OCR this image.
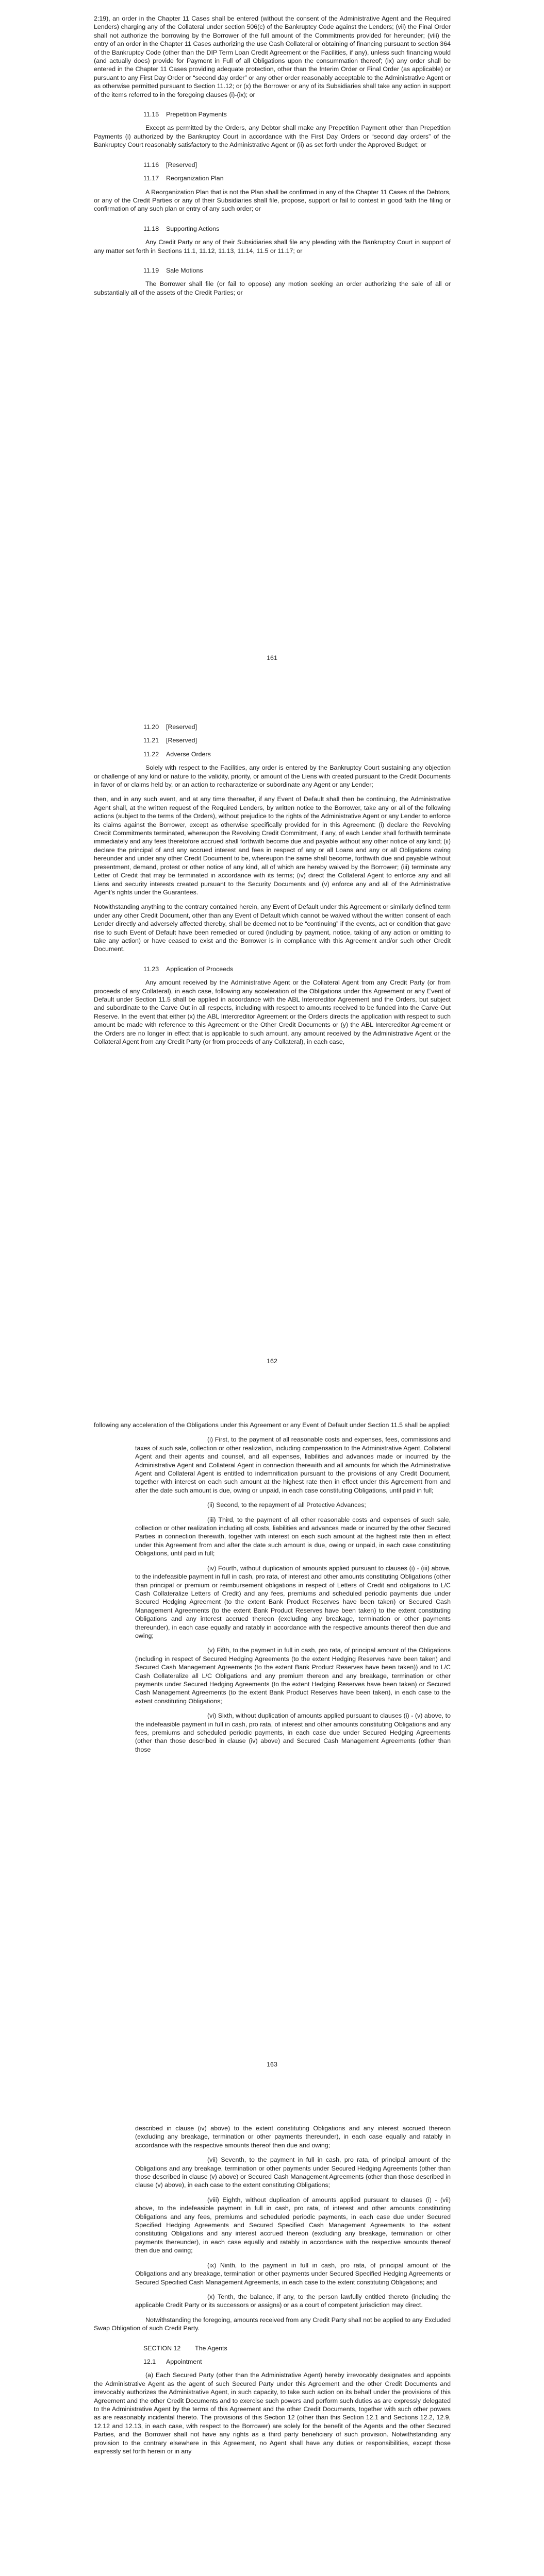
2:19), an order in the Chapter 11 Cases shall be entered (without the consent of the Administrative Agent and the Required Lenders) charging any of the Collateral under section 506(c) of the Bankruptcy Code against the Lenders; (vii) the Final Order shall not authorize the borrowing by the Borrower of the full amount of the Commitments provided for hereunder; (viii) the entry of an order in the Chapter 11 Cases authorizing the use Cash Collateral or obtaining of financing pursuant to section 364 of the Bankruptcy Code (other than the DIP Term Loan Credit Agreement or the Facilities, if any), unless such financing would (and actually does) provide for Payment in Full of all Obligations upon the consummation thereof; (ix) any order shall be entered in the Chapter 11 Cases providing adequate protection, other than the Interim Order or Final Order (as applicable) or pursuant to any First Day Order or “second day order” or any other order reasonably acceptable to the Administrative Agent or as otherwise permitted pursuant to Section 11.12; or (x) the Borrower or any of its Subsidiaries shall take any action in support of the items referred to in the foregoing clauses (i)-(ix); or

11.15 Prepetition Payments

Except as permitted by the Orders, any Debtor shall make any Prepetition Payment other than Prepetition Payments (i) authorized by the Bankruptcy Court in accordance with the First Day Orders or “second day orders” of the Bankruptcy Court reasonably satisfactory to the Administrative Agent or (ii) as set forth under the Approved Budget; or

11.16 [Reserved]
11.17 Reorganization Plan

A Reorganization Plan that is not the Plan shall be confirmed in any of the Chapter 11 Cases of the Debtors, or any of the Credit Parties or any of their Subsidiaries shall file, propose, support or fail to contest in good faith the filing or confirmation of any such plan or entry of any such order; or

11.18 Supporting Actions

Any Credit Party or any of their Subsidiaries shall file any pleading with the Bankruptcy Court in support of any matter set forth in Sections 11.1, 11.12, 11.13, 11.14, 11.5 or 11.17; or

11.19 Sale Motions

The Borrower shall file (or fail to oppose) any motion seeking an order authorizing the sale of all or substantially all of the assets of the Credit Parties; or

161
11.20 [Reserved]
11.21 [Reserved]
11.22 Adverse Orders

Solely with respect to the Facilities, any order is entered by the Bankruptcy Court sustaining any objection or challenge of any kind or nature to the validity, priority, or amount of the Liens with created pursuant to the Credit Documents in favor of or claims held by, or an action to recharacterize or subordinate any Agent or any Lender;

then, and in any such event, and at any time thereafter, if any Event of Default shall then be continuing, the Administrative Agent shall, at the written request of the Required Lenders, by written notice to the Borrower, take any or all of the following actions (subject to the terms of the Orders), without prejudice to the rights of the Administrative Agent or any Lender to enforce its claims against the Borrower, except as otherwise specifically provided for in this Agreement: (i) declare the Revolving Credit Commitments terminated, whereupon the Revolving Credit Commitment, if any, of each Lender shall forthwith terminate immediately and any fees theretofore accrued shall forthwith become due and payable without any other notice of any kind; (ii) declare the principal of and any accrued interest and fees in respect of any or all Loans and any or all Obligations owing hereunder and under any other Credit Document to be, whereupon the same shall become, forthwith due and payable without presentment, demand, protest or other notice of any kind, all of which are hereby waived by the Borrower; (iii) terminate any Letter of Credit that may be terminated in accordance with its terms; (iv) direct the Collateral Agent to enforce any and all Liens and security interests created pursuant to the Security Documents and (v) enforce any and all of the Administrative Agent’s rights under the Guarantees.

Notwithstanding anything to the contrary contained herein, any Event of Default under this Agreement or similarly defined term under any other Credit Document, other than any Event of Default which cannot be waived without the written consent of each Lender directly and adversely affected thereby, shall be deemed not to be “continuing” if the events, act or condition that gave rise to such Event of Default have been remedied or cured (including by payment, notice, taking of any action or omitting to take any action) or have ceased to exist and the Borrower is in compliance with this Agreement and/or such other Credit Document.

11.23 Application of Proceeds

Any amount received by the Administrative Agent or the Collateral Agent from any Credit Party (or from proceeds of any Collateral), in each case, following any acceleration of the Obligations under this Agreement or any Event of Default under Section 11.5 shall be applied in accordance with the ABL Intercreditor Agreement and the Orders, but subject and subordinate to the Carve Out in all respects, including with respect to amounts received to be funded into the Carve Out Reserve. In the event that either (x) the ABL Intercreditor Agreement or the Orders directs the application with respect to such amount be made with reference to this Agreement or the Other Credit Documents or (y) the ABL Intercreditor Agreement or the Orders are no longer in effect that is applicable to such amount, any amount received by the Administrative Agent or the Collateral Agent from any Credit Party (or from proceeds of any Collateral), in each case,

162

following any acceleration of the Obligations under this Agreement or any Event of Default under Section 11.5 shall be applied:

(i) First, to the payment of all reasonable costs and expenses, fees, commissions and taxes of such sale, collection or other realization, including compensation to the Administrative Agent, Collateral Agent and their agents and counsel, and all expenses, liabilities and advances made or incurred by the Administrative Agent and Collateral Agent in connection therewith and all amounts for which the Administrative Agent and Collateral Agent is entitled to indemnification pursuant to the provisions of any Credit Document, together with interest on each such amount at the highest rate then in effect under this Agreement from and after the date such amount is due, owing or unpaid, in each case constituting Obligations, until paid in full;

(ii) Second, to the repayment of all Protective Advances;

(iii) Third, to the payment of all other reasonable costs and expenses of such sale, collection or other realization including all costs, liabilities and advances made or incurred by the other Secured Parties in connection therewith, together with interest on each such amount at the highest rate then in effect under this Agreement from and after the date such amount is due, owing or unpaid, in each case constituting Obligations, until paid in full;

(iv) Fourth, without duplication of amounts applied pursuant to clauses (i) - (iii) above, to the indefeasible payment in full in cash, pro rata, of interest and other amounts constituting Obligations (other than principal or premium or reimbursement obligations in respect of Letters of Credit and obligations to L/C Cash Collateralize Letters of Credit) and any fees, premiums and scheduled periodic payments due under Secured Hedging Agreement (to the extent Bank Product Reserves have been taken) or Secured Cash Management Agreements (to the extent Bank Product Reserves have been taken) to the extent constituting Obligations and any interest accrued thereon (excluding any breakage, termination or other payments thereunder), in each case equally and ratably in accordance with the respective amounts thereof then due and owing;

(v) Fifth, to the payment in full in cash, pro rata, of principal amount of the Obligations (including in respect of Secured Hedging Agreements (to the extent Hedging Reserves have been taken) and Secured Cash Management Agreements (to the extent Bank Product Reserves have been taken)) and to L/C Cash Collateralize all L/C Obligations and any premium thereon and any breakage, termination or other payments under Secured Hedging Agreements (to the extent Hedging Reserves have been taken) or Secured Cash Management Agreements (to the extent Bank Product Reserves have been taken), in each case to the extent constituting Obligations;

(vi) Sixth, without duplication of amounts applied pursuant to clauses (i) - (v) above, to the indefeasible payment in full in cash, pro rata, of interest and other amounts constituting Obligations and any fees, premiums and scheduled periodic payments, in each case due under Secured Hedging Agreements (other than those described in clause (iv) above) and Secured Cash Management Agreements (other than those

163

described in clause (iv) above) to the extent constituting Obligations and any interest accrued thereon (excluding any breakage, termination or other payments thereunder), in each case equally and ratably in accordance with the respective amounts thereof then due and owing;

(vii) Seventh, to the payment in full in cash, pro rata, of principal amount of the Obligations and any breakage, termination or other payments under Secured Hedging Agreements (other than those described in clause (v) above) or Secured Cash Management Agreements (other than those described in clause (v) above), in each case to the extent constituting Obligations;

(viii) Eighth, without duplication of amounts applied pursuant to clauses (i) - (vii) above, to the indefeasible payment in full in cash, pro rata, of interest and other amounts constituting Obligations and any fees, premiums and scheduled periodic payments, in each case due under Secured Specified Hedging Agreements and Secured Specified Cash Management Agreements to the extent constituting Obligations and any interest accrued thereon (excluding any breakage, termination or other payments thereunder), in each case equally and ratably in accordance with the respective amounts thereof then due and owing;

(ix) Ninth, to the payment in full in cash, pro rata, of principal amount of the Obligations and any breakage, termination or other payments under Secured Specified Hedging Agreements or Secured Specified Cash Management Agreements, in each case to the extent constituting Obligations; and

(x) Tenth, the balance, if any, to the person lawfully entitled thereto (including the applicable Credit Party or its successors or assigns) or as a court of competent jurisdiction may direct.

Notwithstanding the foregoing, amounts received from any Credit Party shall not be applied to any Excluded Swap Obligation of such Credit Party.

SECTION 12 The Agents
12.1 Appointment

(a) Each Secured Party (other than the Administrative Agent) hereby irrevocably designates and appoints the Administrative Agent as the agent of such Secured Party under this Agreement and the other Credit Documents and irrevocably authorizes the Administrative Agent, in such capacity, to take such action on its behalf under the provisions of this Agreement and the other Credit Documents and to exercise such powers and perform such duties as are expressly delegated to the Administrative Agent by the terms of this Agreement and the other Credit Documents, together with such other powers as are reasonably incidental thereto. The provisions of this Section 12 (other than this Section 12.1 and Sections 12.2, 12.9, 12.12 and 12.13, in each case, with respect to the Borrower) are solely for the benefit of the Agents and the other Secured Parties, and the Borrower shall not have any rights as a third party beneficiary of such provision. Notwithstanding any provision to the contrary elsewhere in this Agreement, no Agent shall have any duties or responsibilities, except those expressly set forth herein or in any
